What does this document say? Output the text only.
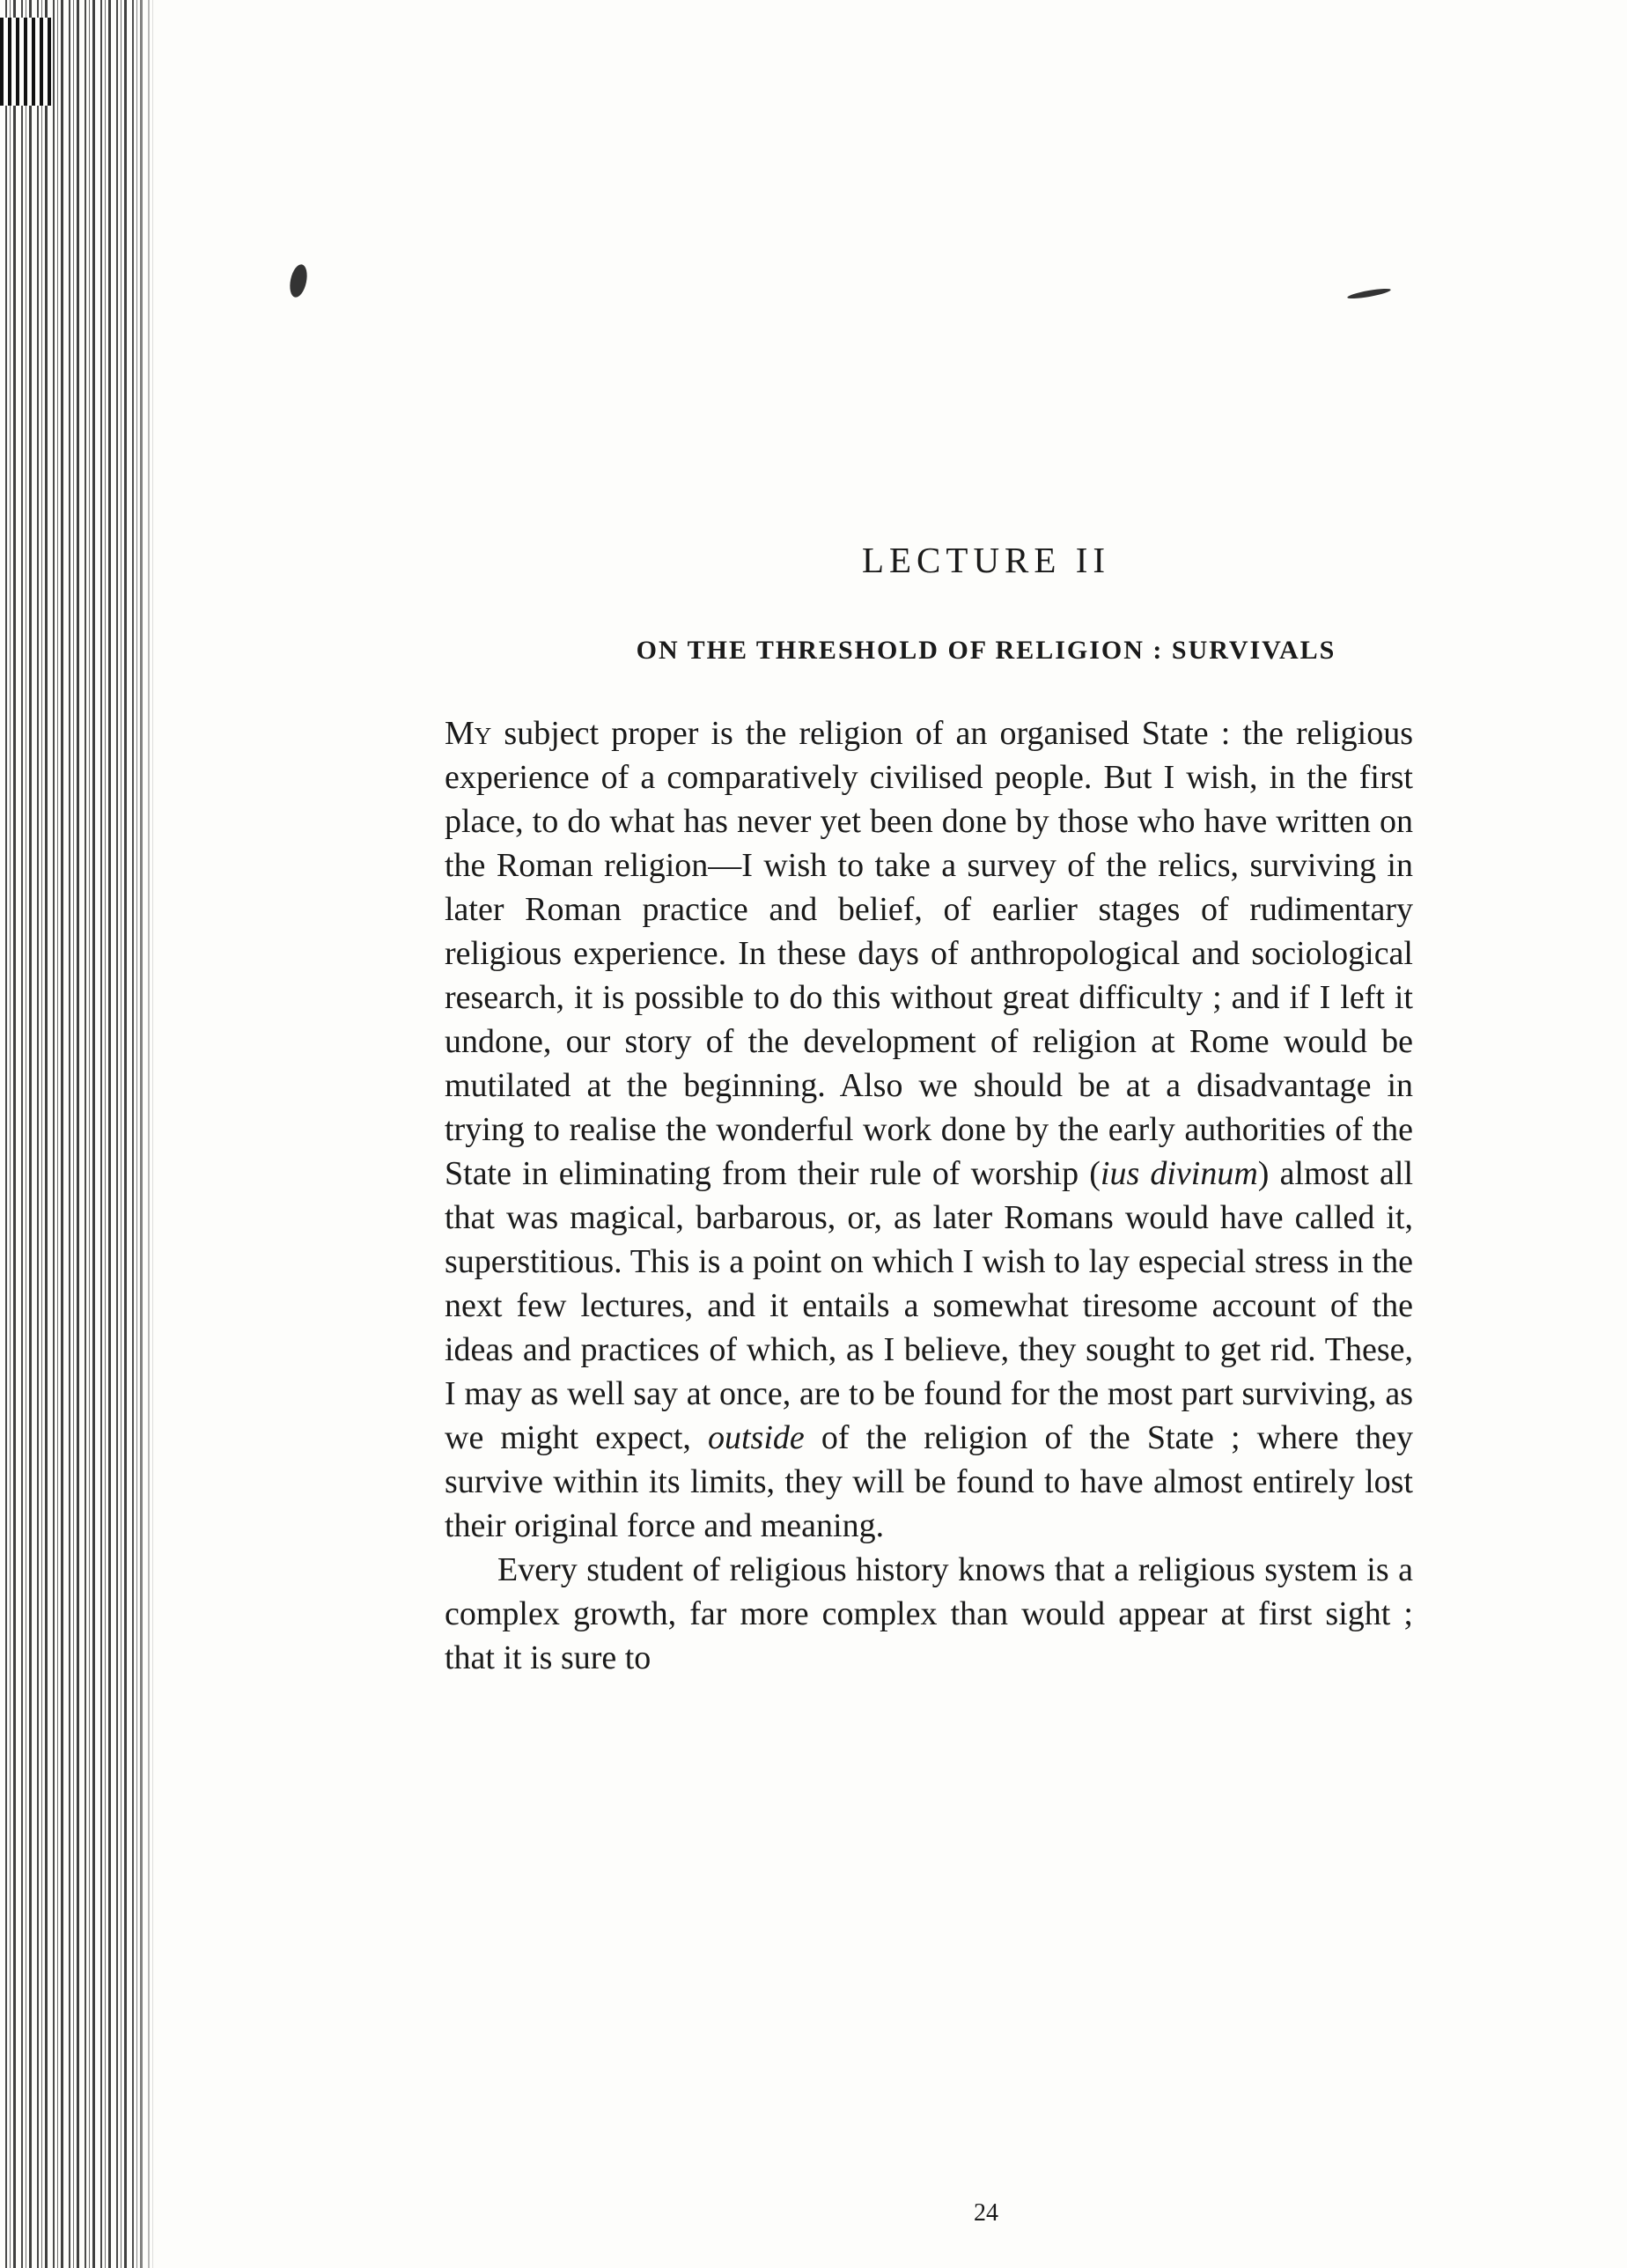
LECTURE II
ON THE THRESHOLD OF RELIGION : SURVIVALS

My subject proper is the religion of an organised State : the religious experience of a comparatively civilised people. But I wish, in the first place, to do what has never yet been done by those who have written on the Roman religion—I wish to take a survey of the relics, surviving in later Roman practice and belief, of earlier stages of rudimentary religious experience. In these days of anthropological and sociological research, it is possible to do this without great difficulty ; and if I left it undone, our story of the development of religion at Rome would be mutilated at the beginning. Also we should be at a disadvantage in trying to realise the wonderful work done by the early authorities of the State in eliminating from their rule of worship (ius divinum) almost all that was magical, barbarous, or, as later Romans would have called it, superstitious. This is a point on which I wish to lay especial stress in the next few lectures, and it entails a somewhat tiresome account of the ideas and practices of which, as I believe, they sought to get rid. These, I may as well say at once, are to be found for the most part surviving, as we might expect, outside of the religion of the State ; where they survive within its limits, they will be found to have almost entirely lost their original force and meaning.

Every student of religious history knows that a religious system is a complex growth, far more complex than would appear at first sight ; that it is sure to

24
